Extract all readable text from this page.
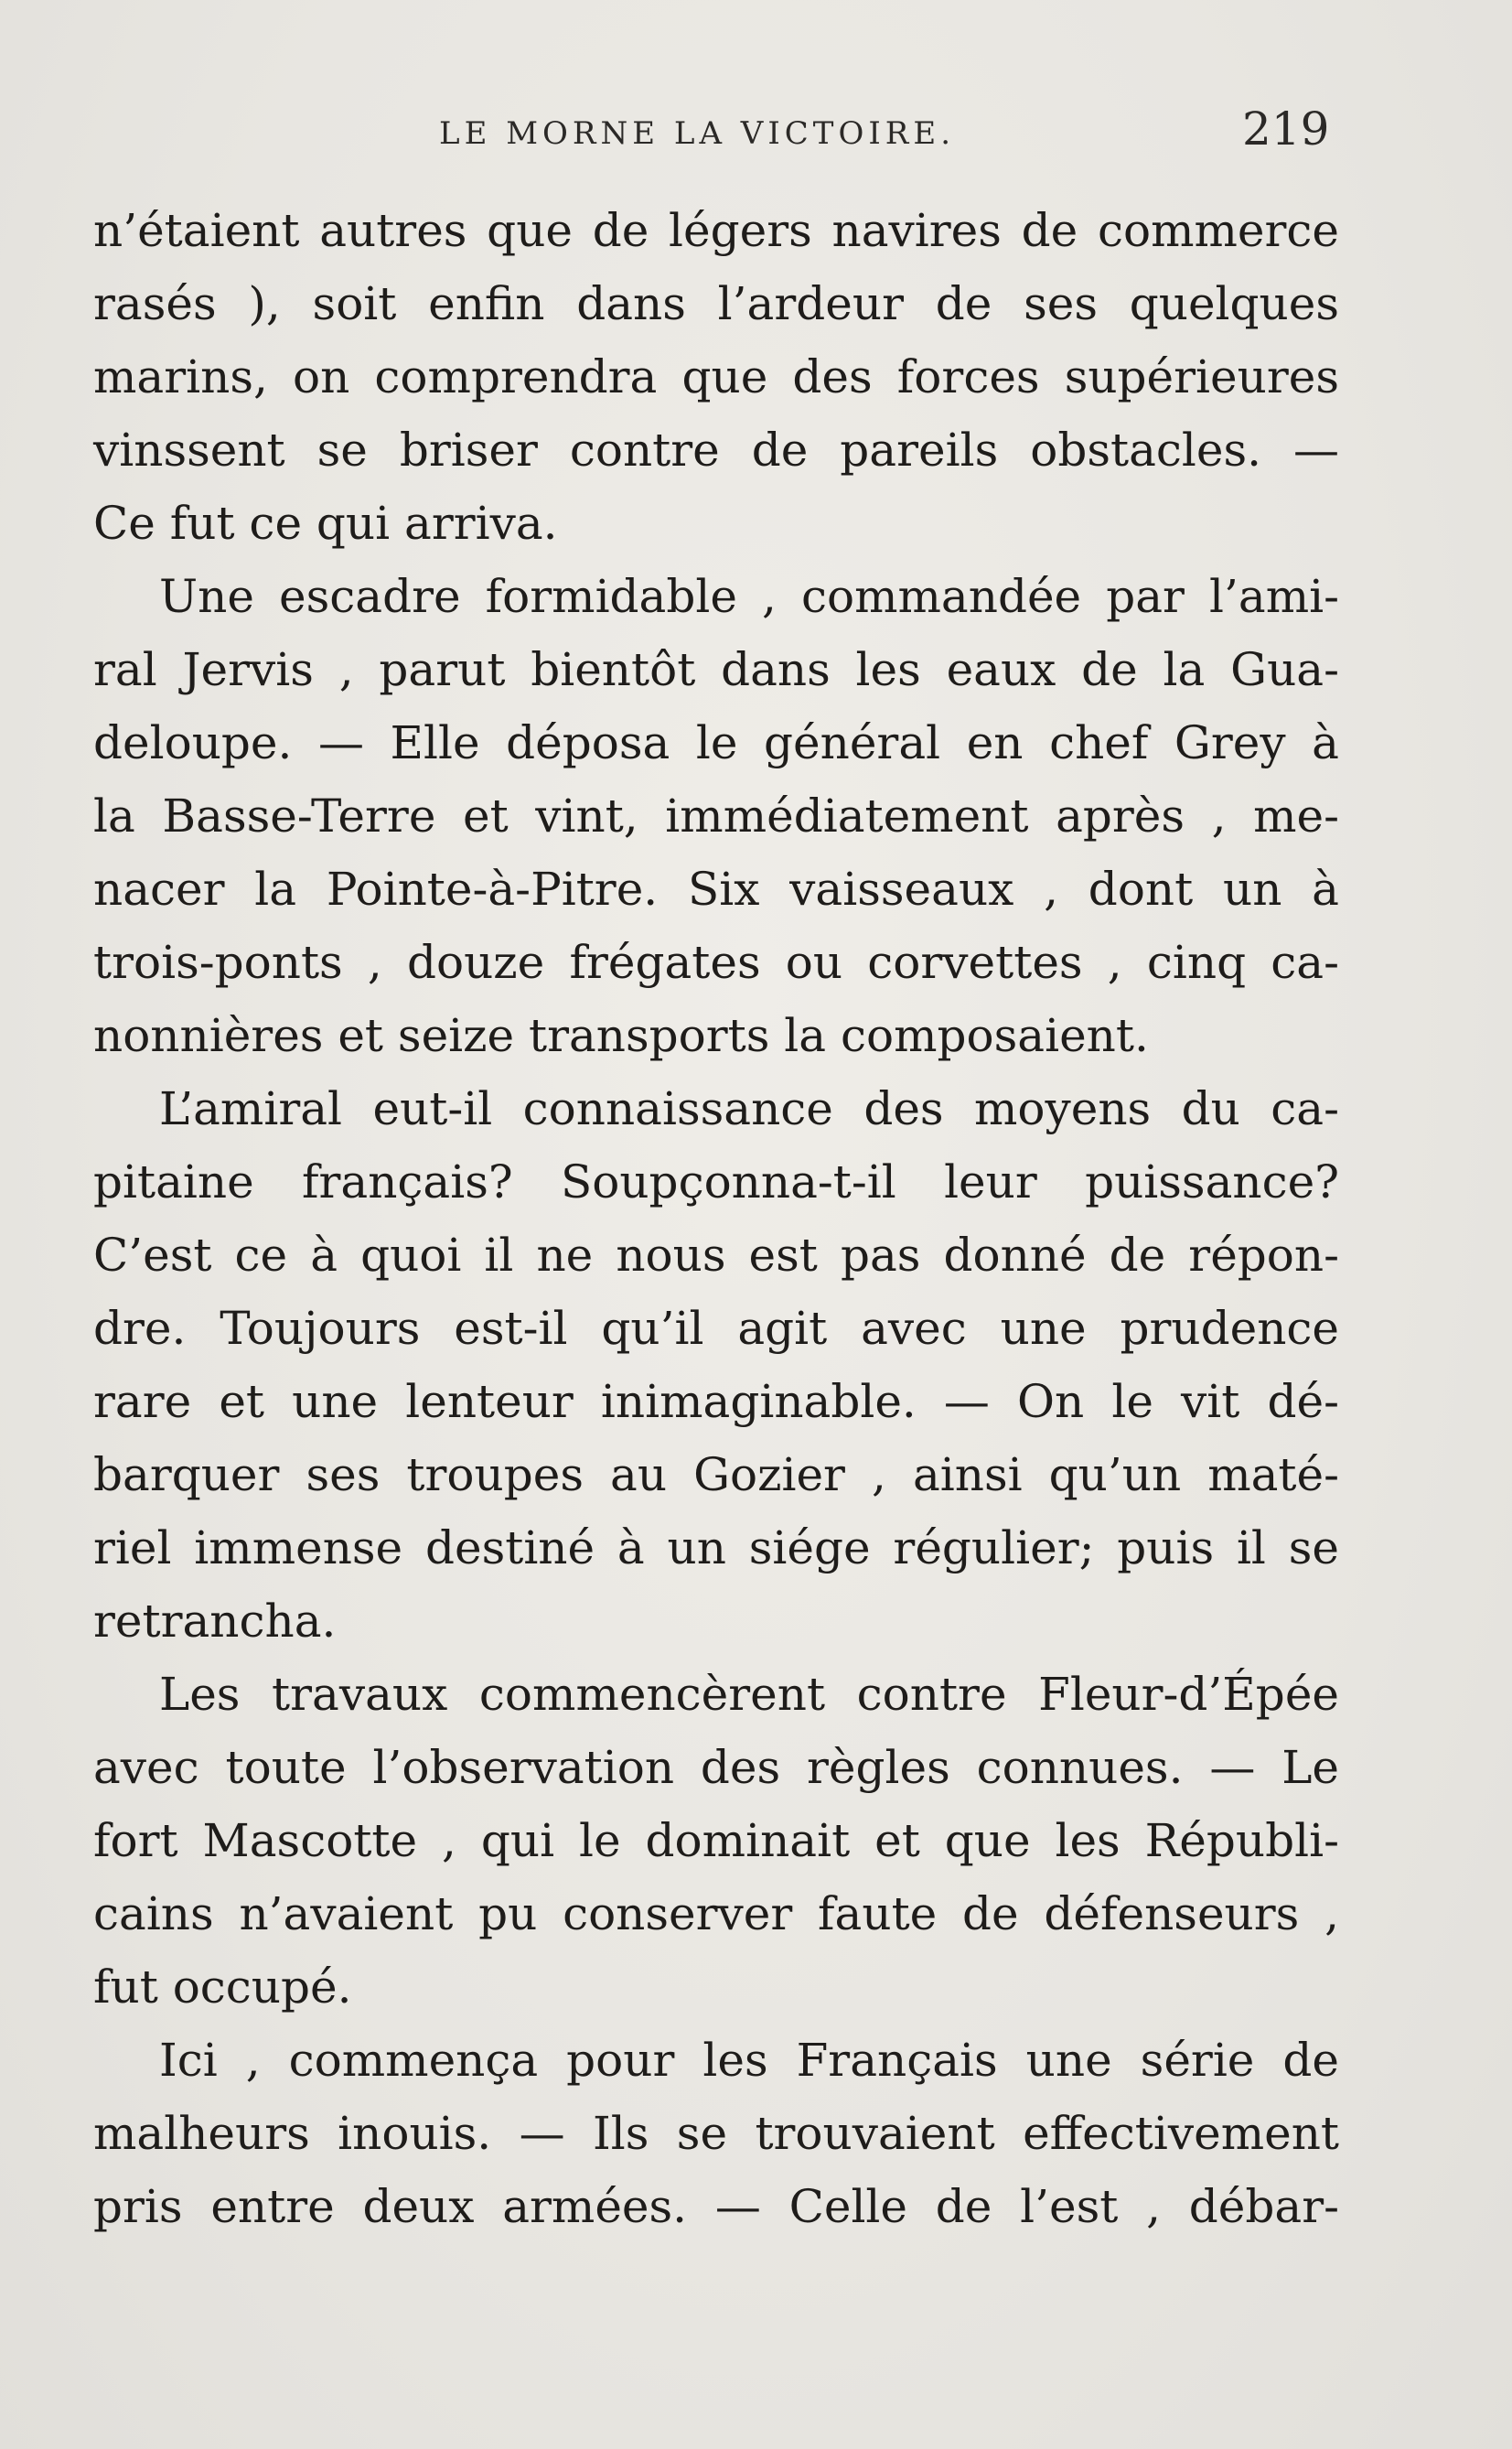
LE MORNE LA VICTOIRE.	219
n’étaient autres que de légers navires de commerce
rasés ), soit enfin dans l’ardeur de ses quelques
marins, on comprendra que des forces supérieures
vinssent se briser contre de pareils obstacles. —
Ce fut ce qui arriva.
Une escadre formidable , commandée par l’ami-
ral Jervis , parut bientôt dans les eaux de la Gua-
deloupe. — Elle déposa le général en chef Grey à
la Basse-Terre et vint, immédiatement après , me-
nacer la Pointe-à-Pitre. Six vaisseaux , dont un à
trois-ponts , douze frégates ou corvettes , cinq ca-
nonnières et seize transports la composaient.
L’amiral eut-il connaissance des moyens du ca-
pitaine français? Soupçonna-t-il leur puissance?
C’est ce à quoi il ne nous est pas donné de répon-
dre. Toujours est-il qu’il agit avec une prudence
rare et une lenteur inimaginable. — On le vit dé-
barquer ses troupes au Gozier , ainsi qu’un maté-
riel immense destiné à un siége régulier; puis il se
retrancha.
Les travaux commencèrent contre Fleur-d’Épée
avec toute l’observation des règles connues. — Le
fort Mascotte , qui le dominait et que les Républi-
cains n’avaient pu conserver faute de défenseurs ,
fut occupé.
Ici , commença pour les Français une série de
malheurs inouis. — Ils se trouvaient effectivement
pris entre deux armées. — Celle de l’est , débar-
